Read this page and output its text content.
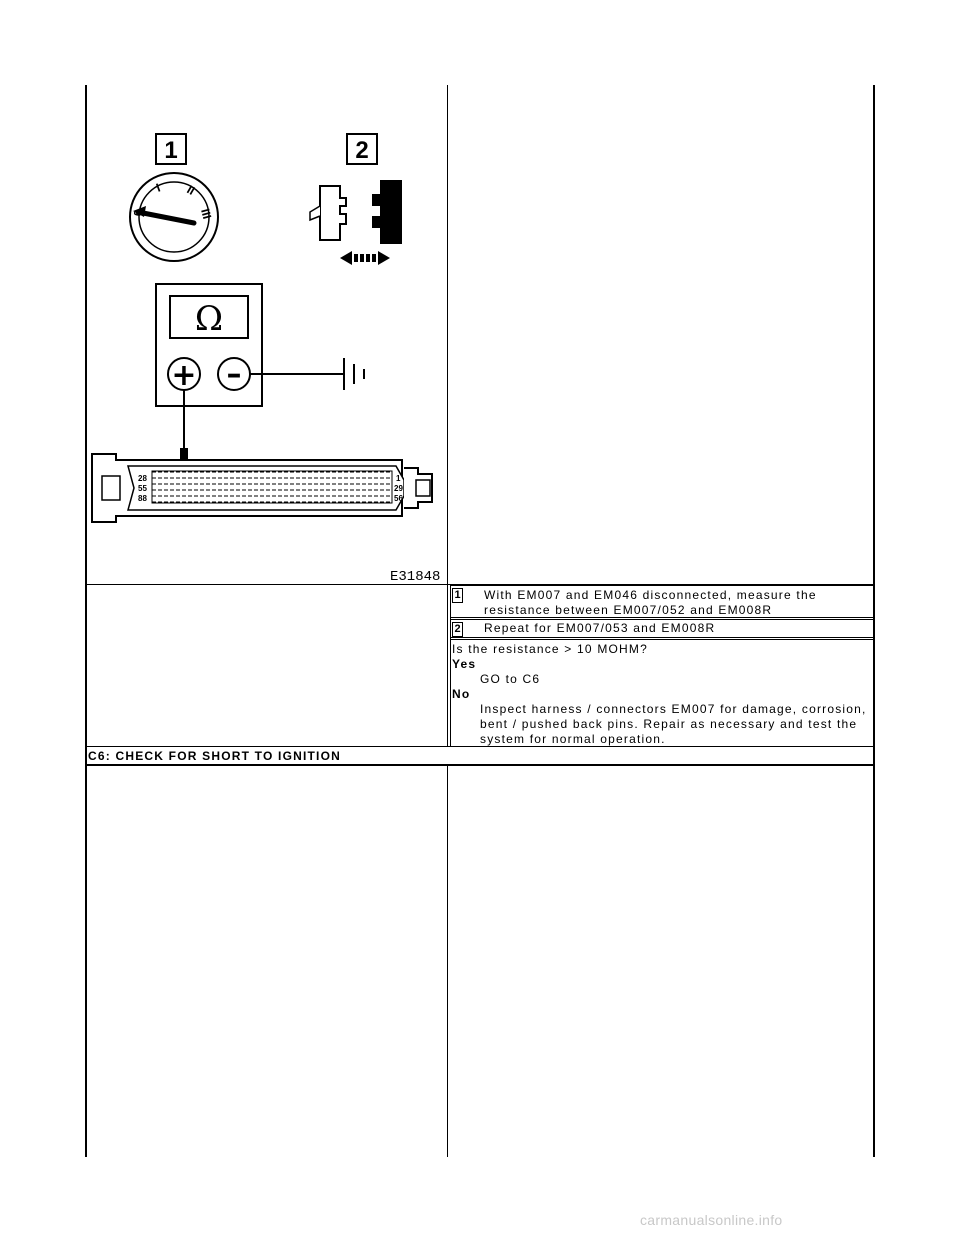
1	2
0
I II
III
Ω
+ –
28
55
88
1
29
56
E31848
1 With EM007 and EM046 disconnected, measure the
resistance between EM007/052 and EM008R
2 Repeat for EM007/053 and EM008R
Is the resistance > 10 MOHM?
Yes
GO to C6
No
Inspect harness / connectors EM007 for damage, corrosion,
bent / pushed back pins. Repair as necessary and test the
system for normal operation.
C6: CHECK FOR SHORT TO IGNITION
carmanualsonline.info
